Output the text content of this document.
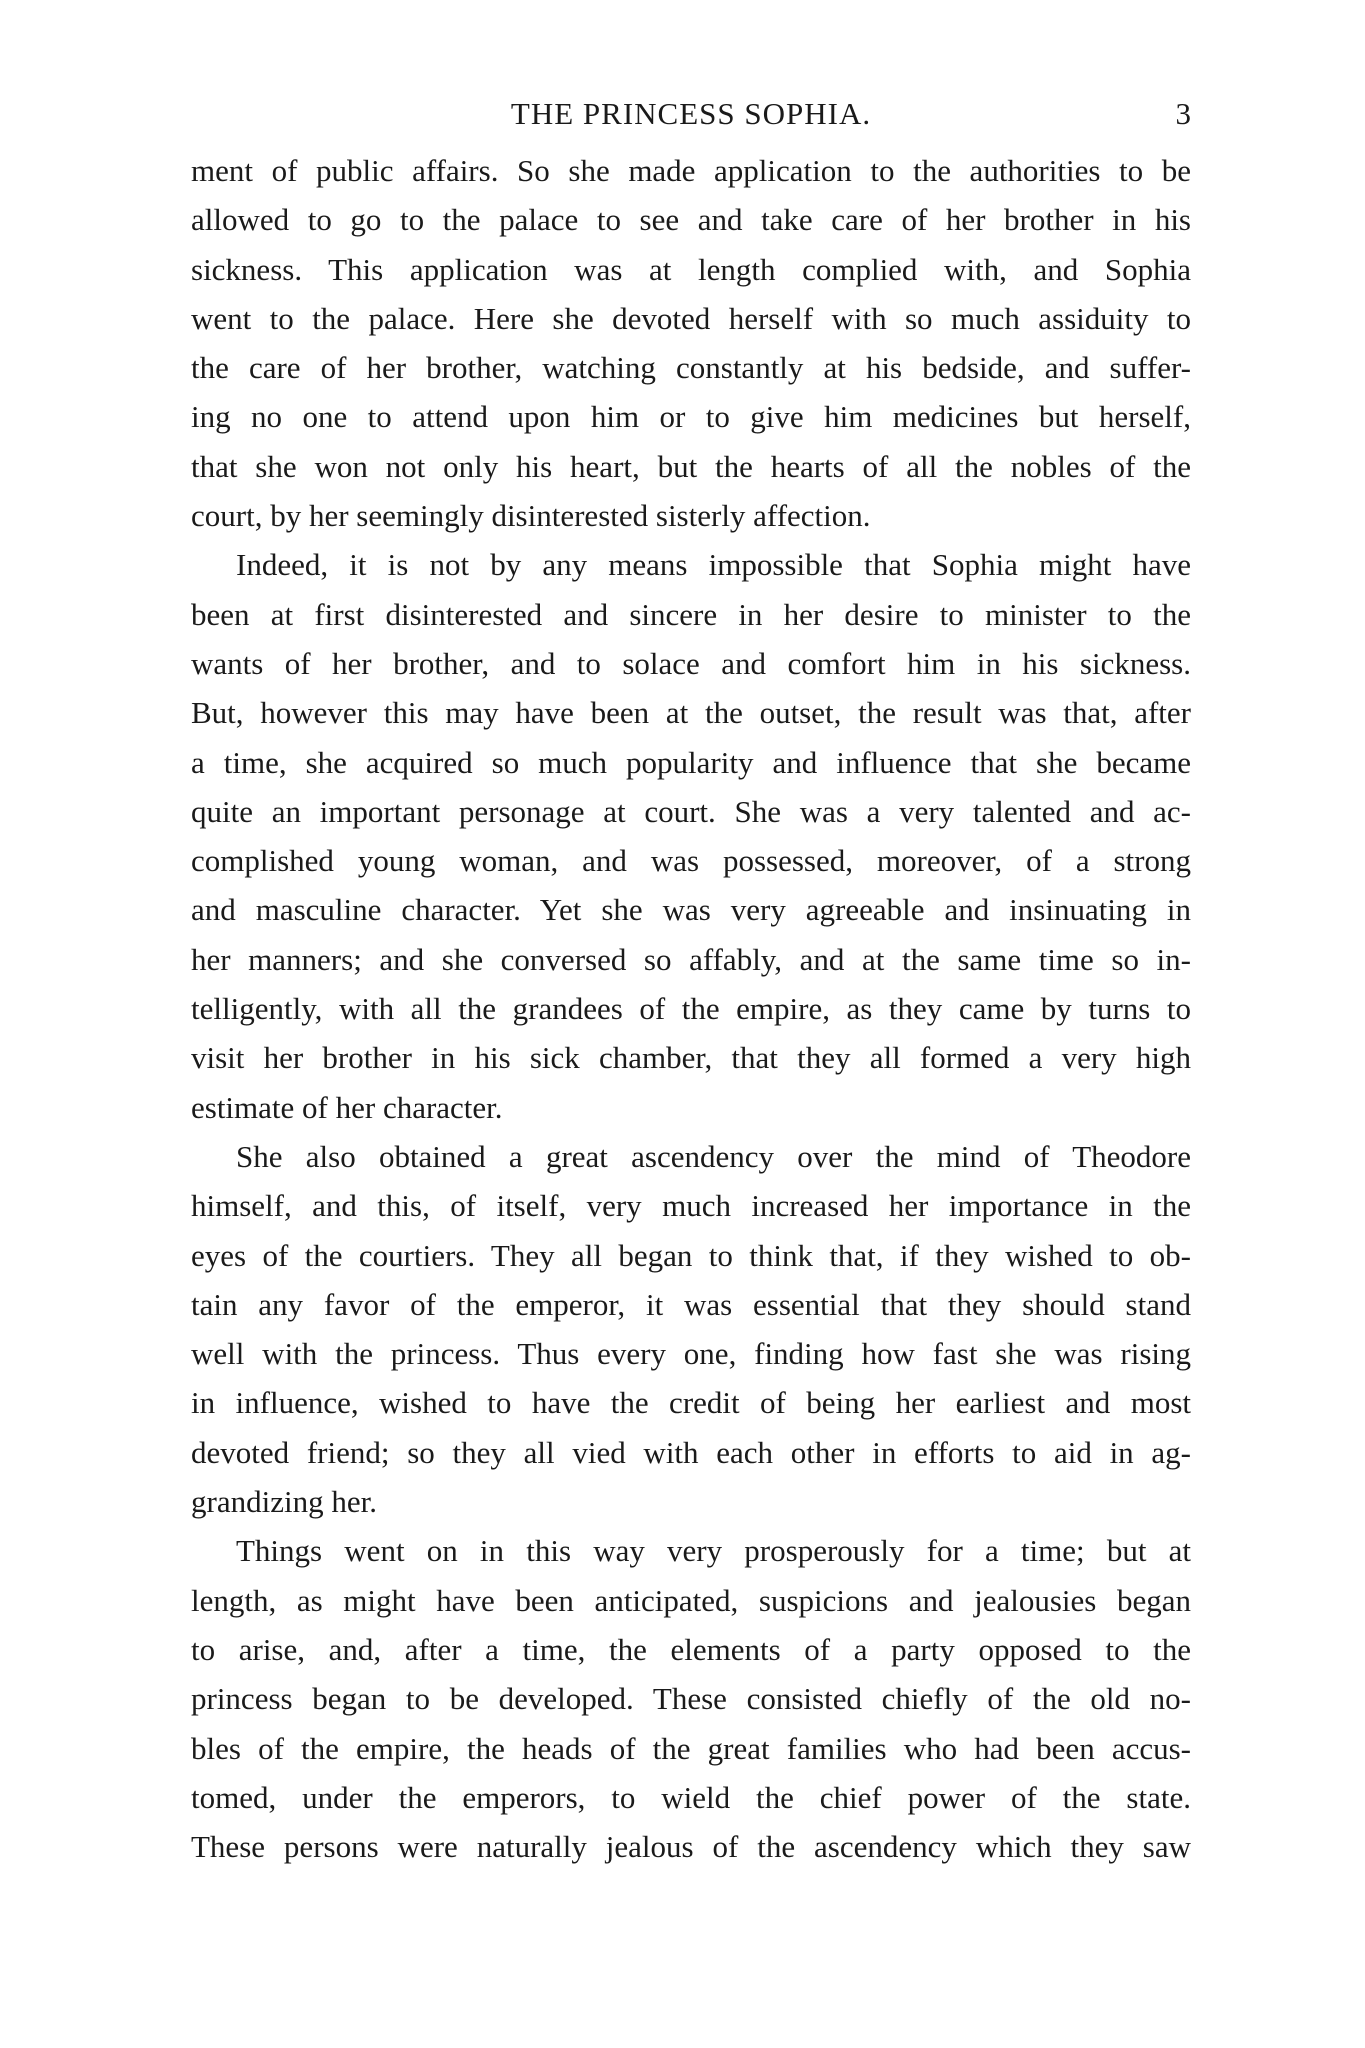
THE PRINCESS SOPHIA.	3

ment of public affairs. So she made application to the authorities to be

allowed to go to the palace to see and take care of her brother in his

sickness. This application was at length complied with, and Sophia

went to the palace. Here she devoted herself with so much assiduity to

the care of her brother, watching constantly at his bedside, and suffer-

ing no one to attend upon him or to give him medicines but herself,

that she won not only his heart, but the hearts of all the nobles of the

court, by her seemingly disinterested sisterly affection.

Indeed, it is not by any means impossible that Sophia might have

been at first disinterested and sincere in her desire to minister to the

wants of her brother, and to solace and comfort him in his sickness.

But, however this may have been at the outset, the result was that, after

a time, she acquired so much popularity and influence that she became

quite an important personage at court. She was a very talented and ac-

complished young woman, and was possessed, moreover, of a strong

and masculine character. Yet she was very agreeable and insinuating in

her manners; and she conversed so affably, and at the same time so in-

telligently, with all the grandees of the empire, as they came by turns to

visit her brother in his sick chamber, that they all formed a very high

estimate of her character.

She also obtained a great ascendency over the mind of Theodore

himself, and this, of itself, very much increased her importance in the

eyes of the courtiers. They all began to think that, if they wished to ob-

tain any favor of the emperor, it was essential that they should stand

well with the princess. Thus every one, finding how fast she was rising

in influence, wished to have the credit of being her earliest and most

devoted friend; so they all vied with each other in efforts to aid in ag-

grandizing her.

Things went on in this way very prosperously for a time; but at

length, as might have been anticipated, suspicions and jealousies began

to arise, and, after a time, the elements of a party opposed to the

princess began to be developed. These consisted chiefly of the old no-

bles of the empire, the heads of the great families who had been accus-

tomed, under the emperors, to wield the chief power of the state.

These persons were naturally jealous of the ascendency which they saw
